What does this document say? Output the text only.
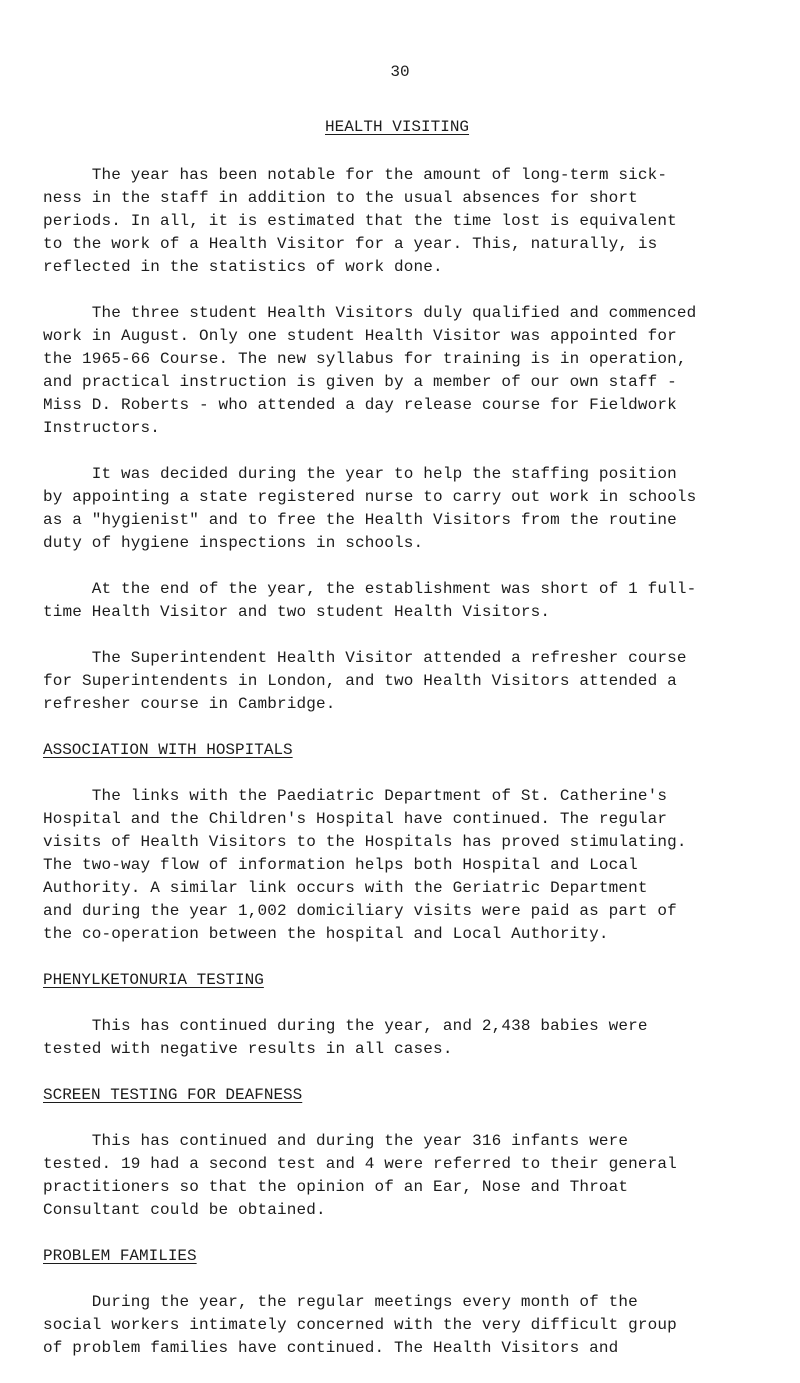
30
HEALTH VISITING
The year has been notable for the amount of long-term sick-
ness in the staff in addition to the usual absences for short
periods. In all, it is estimated that the time lost is equivalent
to the work of a Health Visitor for a year. This, naturally, is
reflected in the statistics of work done.
The three student Health Visitors duly qualified and commenced
work in August. Only one student Health Visitor was appointed for
the 1965-66 Course. The new syllabus for training is in operation,
and practical instruction is given by a member of our own staff -
Miss D. Roberts - who attended a day release course for Fieldwork
Instructors.
It was decided during the year to help the staffing position
by appointing a state registered nurse to carry out work in schools
as a "hygienist" and to free the Health Visitors from the routine
duty of hygiene inspections in schools.
At the end of the year, the establishment was short of 1 full-
time Health Visitor and two student Health Visitors.
The Superintendent Health Visitor attended a refresher course
for Superintendents in London, and two Health Visitors attended a
refresher course in Cambridge.
ASSOCIATION WITH HOSPITALS
The links with the Paediatric Department of St. Catherine's
Hospital and the Children's Hospital have continued. The regular
visits of Health Visitors to the Hospitals has proved stimulating.
The two-way flow of information helps both Hospital and Local
Authority. A similar link occurs with the Geriatric Department
and during the year 1,002 domiciliary visits were paid as part of
the co-operation between the hospital and Local Authority.
PHENYLKETONURIA TESTING
This has continued during the year, and 2,438 babies were
tested with negative results in all cases.
SCREEN TESTING FOR DEAFNESS
This has continued and during the year 316 infants were
tested. 19 had a second test and 4 were referred to their general
practitioners so that the opinion of an Ear, Nose and Throat
Consultant could be obtained.
PROBLEM FAMILIES
During the year, the regular meetings every month of the
social workers intimately concerned with the very difficult group
of problem families have continued. The Health Visitors and
